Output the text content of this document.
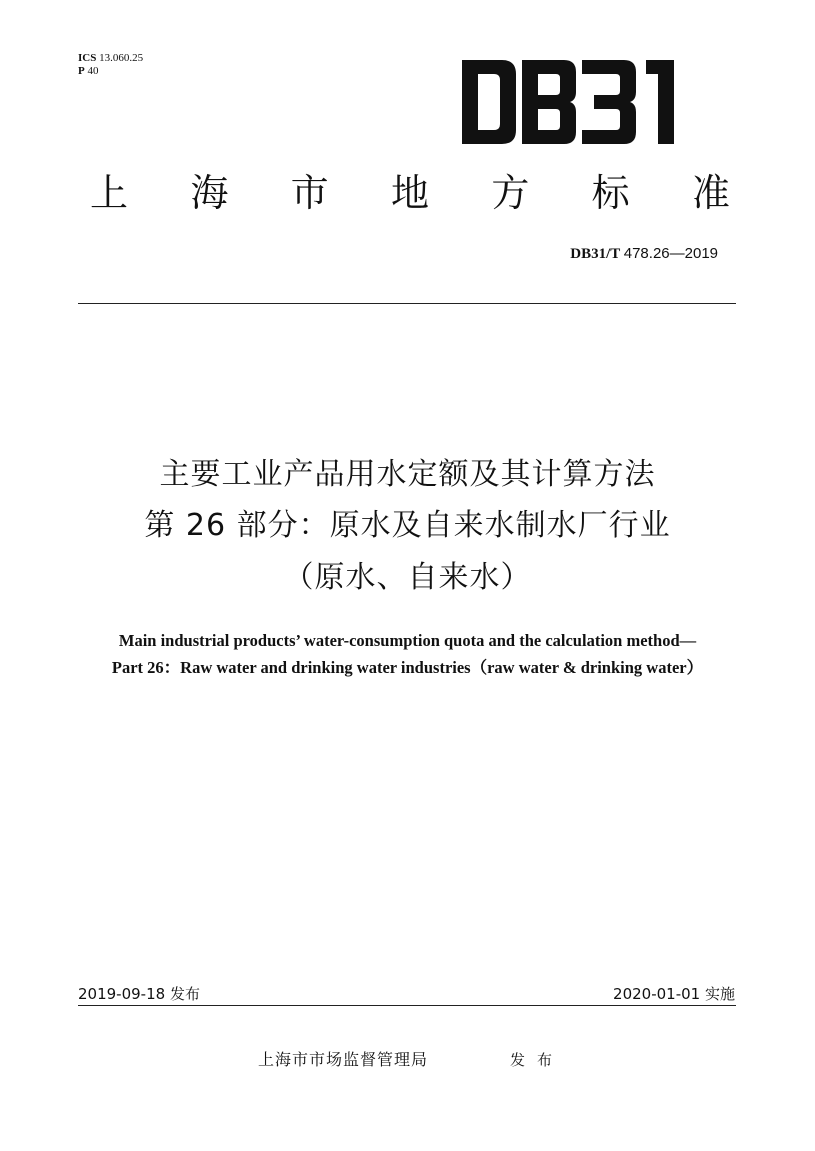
ICS 13.060.25
P 40
上 海 市 地 方 标 准
DB31/T 478.26—2019
主要工业产品用水定额及其计算方法
第 26 部分：原水及自来水制水厂行业
（原水、自来水）
Main industrial products’ water-consumption quota and the calculation method—
Part 26：Raw water and drinking water industries（raw water & drinking water）
2019-09-18 发布	2020-01-01 实施
上海市市场监督管理局	发布
